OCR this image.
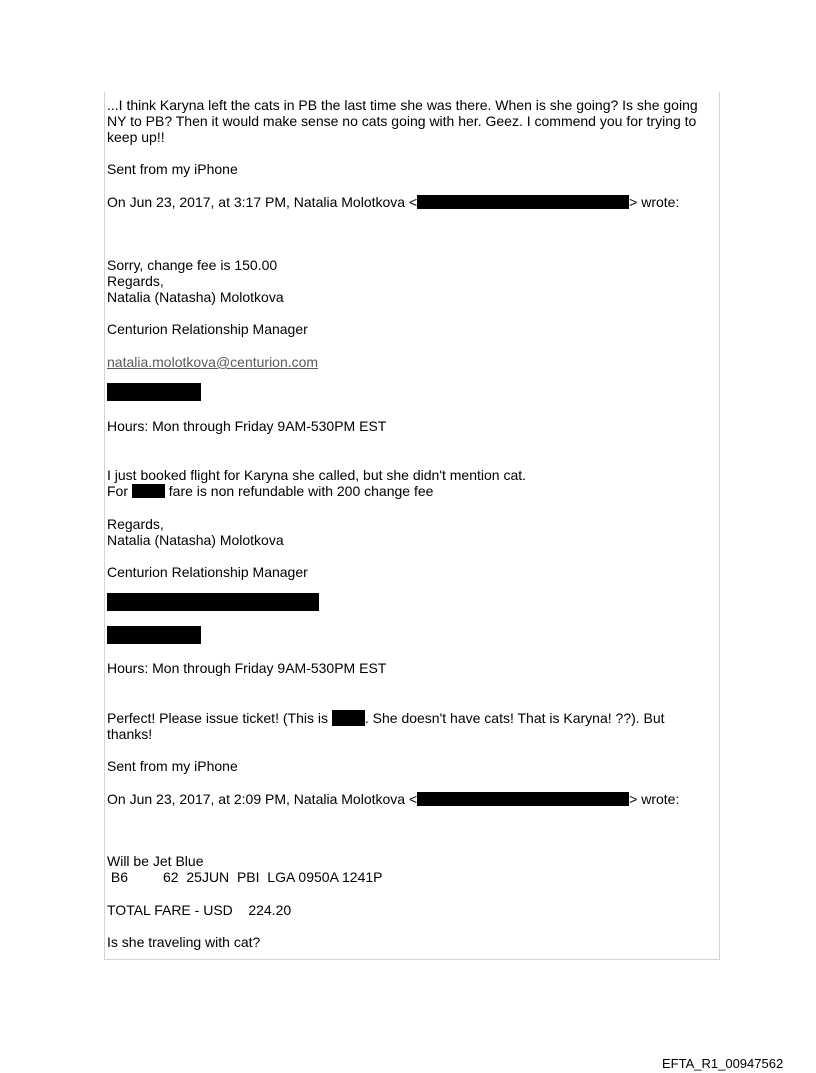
...I think Karyna left the cats in PB the last time she was there. When is she going? Is she going
NY to PB? Then it would make sense no cats going with her. Geez. I commend you for trying to
keep up!!
Sent from my iPhone
On Jun 23, 2017, at 3:17 PM, Natalia Molotkova <	> wrote:
Sorry, change fee is 150.00
Regards,
Natalia (Natasha) Molotkova
Centurion Relationship Manager
natalia.molotkova@centurion.com
Hours: Mon through Friday 9AM-530PM EST
I just booked flight for Karyna she called, but she didn't mention cat.
For	fare is non refundable with 200 change fee
Regards,
Natalia (Natasha) Molotkova
Centurion Relationship Manager
Hours: Mon through Friday 9AM-530PM EST
Perfect! Please issue ticket! (This is	. She doesn't have cats! That is Karyna! ??). But
thanks!
Sent from my iPhone
On Jun 23, 2017, at 2:09 PM, Natalia Molotkova <	> wrote:
Will be Jet Blue
B6         62  25JUN  PBI  LGA 0950A 1241P
TOTAL FARE - USD    224.20
Is she traveling with cat?
EFTA_R1_00947562
